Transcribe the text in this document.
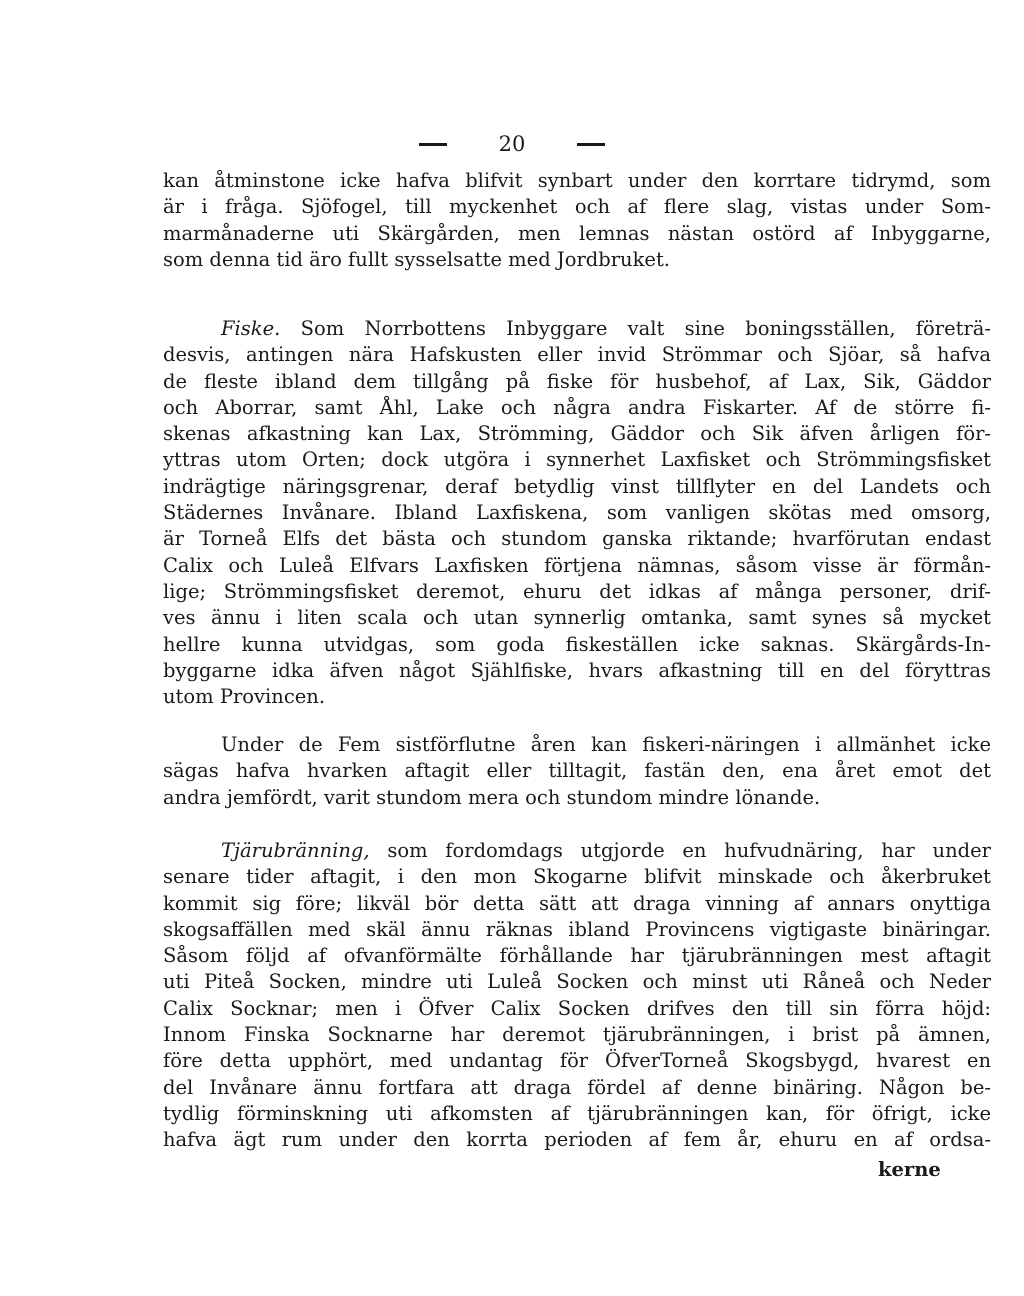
20
kan åtminstone icke hafva blifvit synbart under den korrtare tidrymd, som
är i fråga. Sjöfogel, till myckenhet och af flere slag, vistas under Som-
marmånaderne uti Skärgården, men lemnas nästan ostörd af Inbyggarne,
som denna tid äro fullt sysselsatte med Jordbruket.
Fiske. Som Norrbottens Inbyggare valt sine boningsställen, företrä-
desvis, antingen nära Hafskusten eller invid Strömmar och Sjöar, så hafva
de fleste ibland dem tillgång på fiske för husbehof, af Lax, Sik, Gäddor
och Aborrar, samt Åhl, Lake och några andra Fiskarter. Af de större fi-
skenas afkastning kan Lax, Strömming, Gäddor och Sik äfven årligen för-
yttras utom Orten; dock utgöra i synnerhet Laxfisket och Strömmingsfisket
indrägtige näringsgrenar, deraf betydlig vinst tillflyter en del Landets och
Städernes Invånare. Ibland Laxfiskena, som vanligen skötas med omsorg,
är Torneå Elfs det bästa och stundom ganska riktande; hvarförutan endast
Calix och Luleå Elfvars Laxfisken förtjena nämnas, såsom visse är förmån-
lige; Strömmingsfisket deremot, ehuru det idkas af många personer, drif-
ves ännu i liten scala och utan synnerlig omtanka, samt synes så mycket
hellre kunna utvidgas, som goda fiskeställen icke saknas. Skärgårds-In-
byggarne idka äfven något Sjählfiske, hvars afkastning till en del föryttras
utom Provincen.
Under de Fem sistförflutne åren kan fiskeri-näringen i allmänhet icke
sägas hafva hvarken aftagit eller tilltagit, fastän den, ena året emot det
andra jemfördt, varit stundom mera och stundom mindre lönande.
Tjärubränning, som fordomdags utgjorde en hufvudnäring, har under
senare tider aftagit, i den mon Skogarne blifvit minskade och åkerbruket
kommit sig före; likväl bör detta sätt att draga vinning af annars onyttiga
skogsaffällen med skäl ännu räknas ibland Provincens vigtigaste binäringar.
Såsom följd af ofvanförmälte förhållande har tjärubränningen mest aftagit
uti Piteå Socken, mindre uti Luleå Socken och minst uti Råneå och Neder
Calix Socknar; men i Öfver Calix Socken drifves den till sin förra höjd:
Innom Finska Socknarne har deremot tjärubränningen, i brist på ämnen,
före detta upphört, med undantag för ÖfverTorneå Skogsbygd, hvarest en
del Invånare ännu fortfara att draga fördel af denne binäring. Någon be-
tydlig förminskning uti afkomsten af tjärubränningen kan, för öfrigt, icke
hafva ägt rum under den korrta perioden af fem år, ehuru en af ordsa-
kerne
